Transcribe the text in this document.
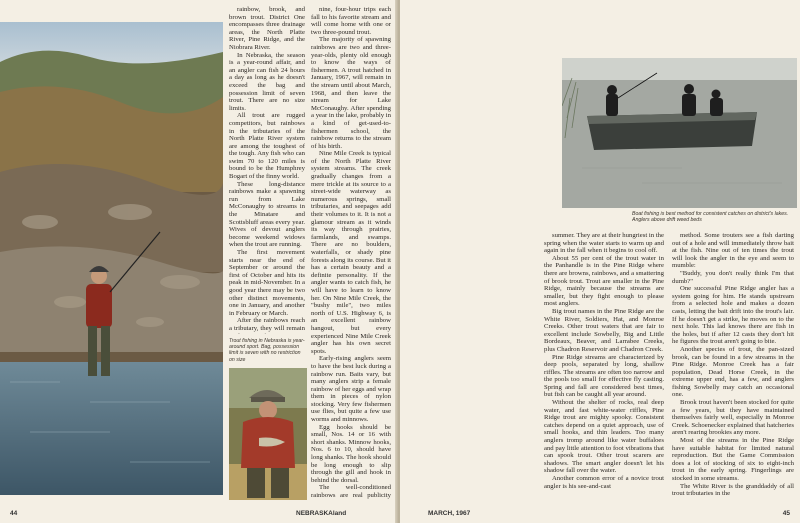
rainbow, brook, and brown trout. District One encompasses three drainage areas, the North Platte River, Pine Ridge, and the Niobrara River.

In Nebraska, the season is a year-round affair, and an angler can fish 24 hours a day as long as he doesn't exceed the bag and possession limit of seven trout. There are no size limits.

All trout are rugged competitors, but rainbows in the tributaries of the North Platte River system are among the toughest of the tough. Any fish who can swim 70 to 120 miles is bound to be the Humphrey Bogart of the finny world.

These long-distance rainbows make a spawning run from Lake McConaughy to streams in the Minatare and Scottsbluff areas every year. Wives of devout anglers become weekend widows when the trout are running.

The first movement starts near the end of September or around the first of October and hits its peak in mid-November. In a good year there may be two other distinct movements, one in January, and another in February or March.

After the rainbows reach a tributary, they will remain

Trout fishing in Nebraska is year-around sport. Bag, possession limit is seven with no restriction on size

nine, four-hour trips each fall to his favorite stream and will come home with one or two three-pound trout.

The majority of spawning rainbows are two and three-year-olds, plenty old enough to know the ways of fishermen. A trout hatched in January, 1967, will remain in the stream until about March, 1968, and then leave the stream for Lake McConaughy. After spending a year in the lake, probably in a kind of get-used-to-fishermen school, the rainbow returns to the stream of his birth.

Nine Mile Creek is typical of the North Platte River system streams. The creek gradually changes from a mere trickle at its source to a street-wide waterway as numerous springs, small tributaries, and seepages add their volumes to it. It is not a glamour stream as it winds its way through prairies, farmlands, and swamps. There are no boulders, waterfalls, or shady pine forests along its course. But it has a certain beauty and a definite personality. If the angler wants to catch fish, he will have to learn to know her. On Nine Mile Creek, the "bushy mile", two miles north of U.S. Highway 6, is an excellent rainbow hangout, but every experienced Nine Mile Creek angler has his own secret spots.

Early-rising anglers seem to have the best luck during a rainbow run. Baits vary, but many anglers strip a female rainbow of her eggs and wrap them in pieces of nylon stocking. Very few fishermen use flies, but quite a few use worms and minnows.

Egg hooks should be small, Nos. 14 or 16 with short shanks. Minnow hooks, Nos. 6 to 10, should have long shanks. The hook should be long enough to slip through the gill and hook in behind the dorsal.

The well-conditioned rainbows are real publicity

44	NEBRASKAland
Boat fishing is best method for consistent catches on district's lakes. Anglers above drift weed beds

summer. They are at their hungriest in the spring when the water starts to warm up and again in the fall when it begins to cool off.

About 55 per cent of the trout water in the Panhandle is in the Pine Ridge where there are browns, rainbows, and a smattering of brook trout. Trout are smaller in the Pine Ridge, mainly because the streams are smaller, but they fight enough to please most anglers.

Big trout names in the Pine Ridge are the White River, Soldiers, Hat, and Monroe Creeks. Other trout waters that are fair to excellent include Sowbelly, Big and Little Bordeaux, Beaver, and Larrabee Creeks, plus Chadron Reservoir and Chadron Creek.

Pine Ridge streams are characterized by deep pools, separated by long, shallow riffles. The streams are often too narrow and the pools too small for effective fly casting. Spring and fall are considered best times, but fish can be caught all year around.

Without the shelter of rocks, real deep water, and fast white-water riffles, Pine Ridge trout are mighty spooky. Consistent catches depend on a quiet approach, use of small hooks, and thin leaders. Too many anglers tromp around like water buffaloes and pay little attention to foot vibrations that can spook trout. Other trout scarers are shadows. The smart angler doesn't let his shadow fall over the water.

Another common error of a novice trout angler is his see-and-cast

method. Some trouters see a fish darting out of a hole and will immediately throw bait at the fish. Nine out of ten times the trout will look the angler in the eye and seem to mumble:

"Buddy, you don't really think I'm that dumb?"

One successful Pine Ridge angler has a system going for him. He stands upstream from a selected hole and makes a dozen casts, letting the bait drift into the trout's lair. If he doesn't get a strike, he moves on to the next hole. This lad knows there are fish in the holes, but if after 12 casts they don't hit he figures the trout aren't going to bite.

Another species of trout, the pan-sized brook, can be found in a few streams in the Pine Ridge. Monroe Creek has a fair population, Dead Horse Creek, in the extreme upper end, has a few, and anglers fishing Sowbelly may catch an occasional one.

Brook trout haven't been stocked for quite a few years, but they have maintained themselves fairly well, especially in Monroe Creek. Schoenecker explained that hatcheries aren't rearing brookies any more.

Most of the streams in the Pine Ridge have suitable habitat for limited natural reproduction. But the Game Commission does a lot of stocking of six to eight-inch trout in the early spring. Fingerlings are stocked in some streams.

The White River is the granddaddy of all trout tributaries in the

MARCH, 1967	45
